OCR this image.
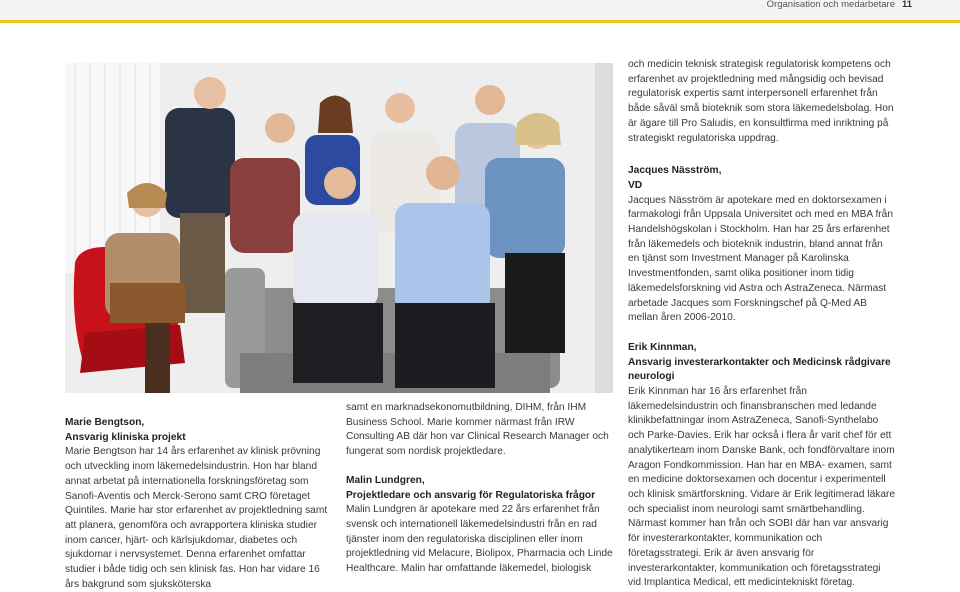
Organisation och medarbetare 11

Marie Bengtson,

Ansvarig kliniska projekt

Marie Bengtson har 14 års erfarenhet av klinisk prövning och utveckling inom läkemedelsindustrin. Hon har bland annat arbetat på internationella forskningsföretag som Sanofi-Aventis och Merck-Serono samt CRO företaget Quintiles. Marie har stor erfarenhet av projektledning samt att planera, genomföra och avrapportera kliniska studier inom cancer, hjärt- och kärlsjukdomar, diabetes och sjukdomar i nervsystemet. Denna erfarenhet omfattar studier i både tidig och sen klinisk fas. Hon har vidare 16 års bakgrund som sjuksköterska

samt en marknadsekonomutbildning, DIHM, från IHM Business School. Marie kommer närmast från IRW Consulting AB där hon var Clinical Research Manager och fungerat som nordisk projektledare.

Malin Lundgren,

Projektledare och ansvarig för Regulatoriska frågor

Malin Lundgren är apotekare med 22 års erfarenhet från svensk och internationell läkemedelsindustri från en rad tjänster inom den regulatoriska disciplinen eller inom projektledning vid Melacure, Biolipox, Pharmacia och Linde Healthcare. Malin har omfattande läkemedel, biologisk

och medicin teknisk strategisk regulatorisk kompetens och erfarenhet av projektledning med mångsidig och bevisad regulatorisk expertis samt interpersonell erfarenhet från både såväl små bioteknik som stora läkemedelsbolag. Hon är ägare till Pro Saludis, en konsultfirma med inriktning på strategiskt regulatoriska uppdrag.

Jacques Näsström,

VD

Jacques Näsström är apotekare med en doktorsexamen i farmakologi från Uppsala Universitet och med en MBA från Handelshögskolan i Stockholm. Han har 25 års erfarenhet från läkemedels och bioteknik industrin, bland annat från en tjänst som Investment Manager på Karolinska Investmentfonden, samt olika positioner inom tidig läkemedelsforskning vid Astra och AstraZeneca. Närmast arbetade Jacques som Forskningschef på Q-Med AB mellan åren 2006-2010.

Erik Kinnman,

Ansvarig investerarkontakter och Medicinsk rådgivare neurologi

Erik Kinnman har 16 års erfarenhet från läkemedelsindustrin och finansbranschen med ledande klinikbefattningar inom AstraZeneca, Sanofi-Synthelabo och Parke-Davies. Erik har också i flera år varit chef för ett analytikerteam inom Danske Bank, och fondförvaltare inom Aragon Fondkommission. Han har en MBA- examen, samt en medicine doktorsexamen och docentur i experimentell och klinisk smärtforskning. Vidare är Erik legitimerad läkare och specialist inom neurologi samt smärtbehandling. Närmast kommer han från och SOBI där han var ansvarig för investerarkontakter, kommunikation och företagsstrategi. Erik är även ansvarig för investerarkontakter, kommunikation och företagsstrategi vid Implantica Medical, ett medicintekniskt företag.
